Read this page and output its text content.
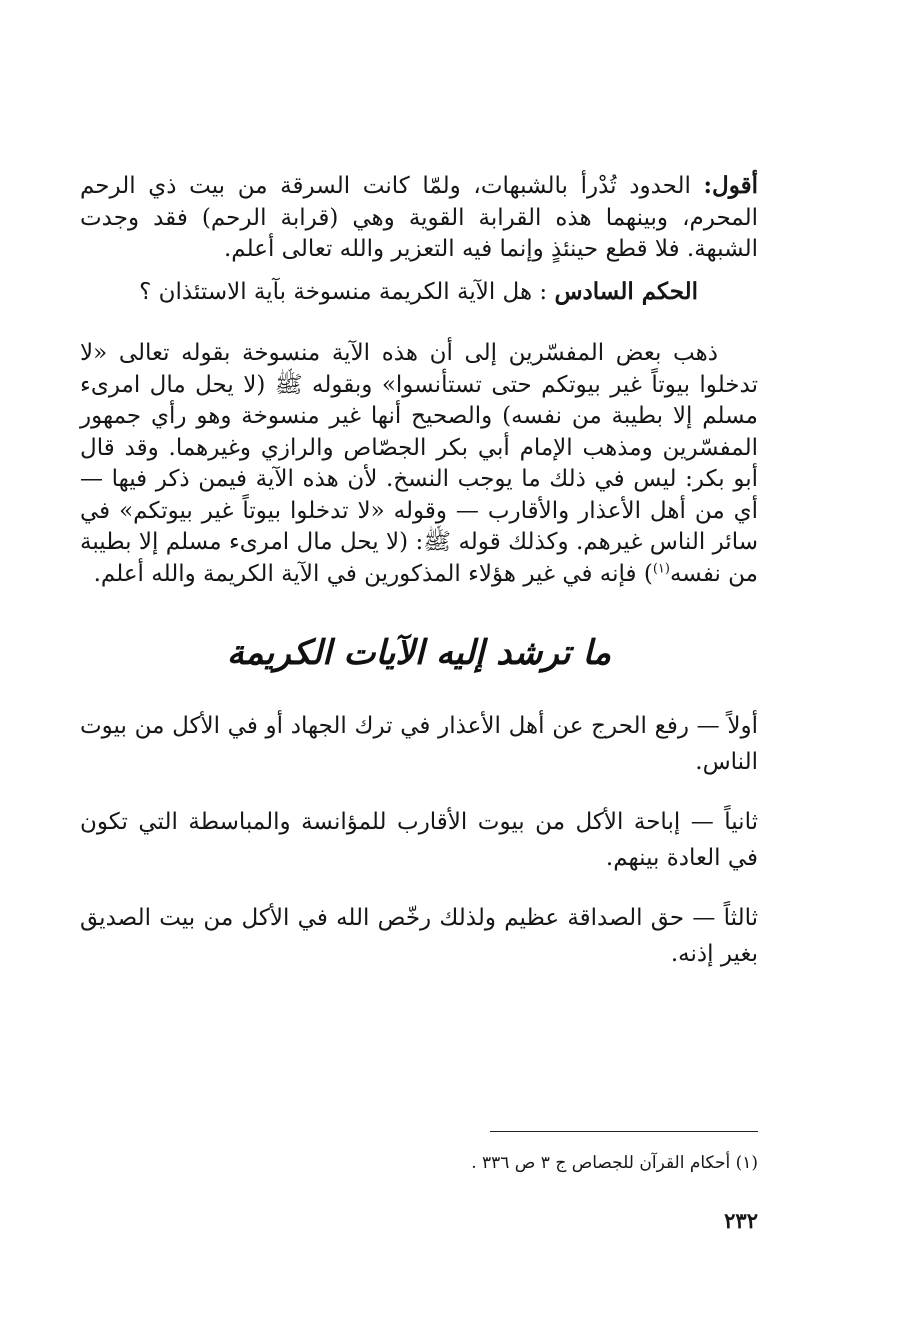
أقول: الحدود تُدْرأ بالشبهات، ولمّا كانت السرقة من بيت ذي الرحم المحرم، وبينهما هذه القرابة القوية وهي (قرابة الرحم) فقد وجدت الشبهة. فلا قطع حينئذٍ وإنما فيه التعزير والله تعالى أعلم.

الحكم السادس : هل الآية الكريمة منسوخة بآية الاستئذان ؟

ذهب بعض المفسّرين إلى أن هذه الآية منسوخة بقوله تعالى «لا تدخلوا بيوتاً غير بيوتكم حتى تستأنسوا» وبقوله ﷺ (لا يحل مال امرىء مسلم إلا بطيبة من نفسه) والصحيح أنها غير منسوخة وهو رأي جمهور المفسّرين ومذهب الإمام أبي بكر الجصّاص والرازي وغيرهما. وقد قال أبو بكر: ليس في ذلك ما يوجب النسخ. لأن هذه الآية فيمن ذكر فيها — أي من أهل الأعذار والأقارب — وقوله «لا تدخلوا بيوتاً غير بيوتكم» في سائر الناس غيرهم. وكذلك قوله ﷺ: (لا يحل مال امرىء مسلم إلا بطيبة من نفسه$^{(١)}$) فإنه في غير هؤلاء المذكورين في الآية الكريمة والله أعلم.

ما ترشد إليه الآيات الكريمة

أولاً — رفع الحرج عن أهل الأعذار في ترك الجهاد أو في الأكل من بيوت الناس.

ثانياً — إباحة الأكل من بيوت الأقارب للمؤانسة والمباسطة التي تكون في العادة بينهم.

ثالثاً — حق الصداقة عظيم ولذلك رخّص الله في الأكل من بيت الصديق بغير إذنه.

(١) أحكام القرآن للجصاص ج ٣ ص ٣٣٦ .
٢٣٢
